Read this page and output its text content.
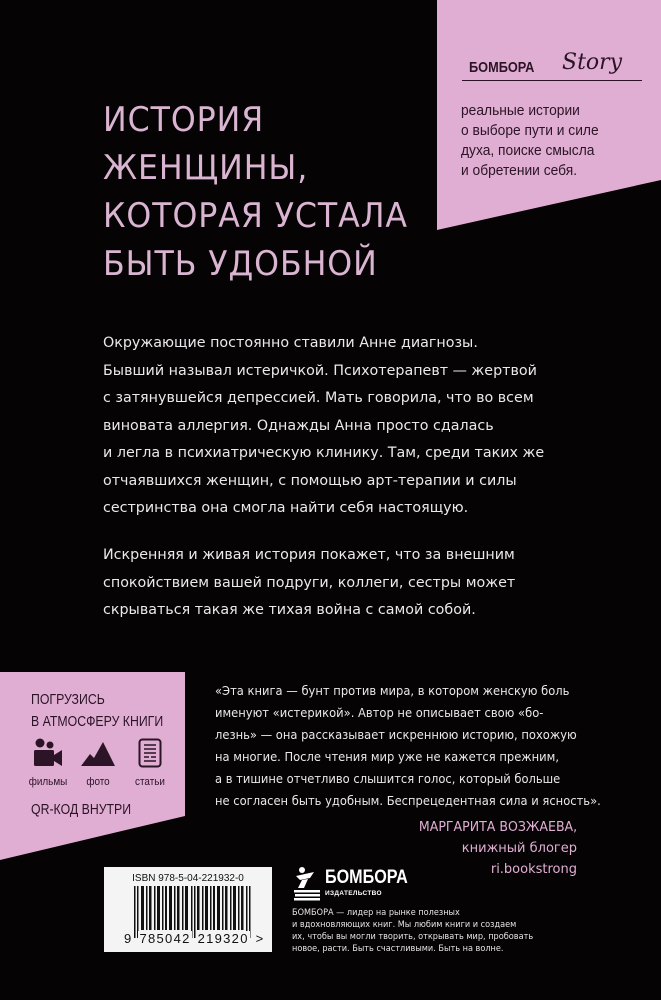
БОМБОРА Story
реальные истории
о выборе пути и силе
духа, поиске смысла
и обретении себя.
ИСТОРИЯ
ЖЕНЩИНЫ,
КОТОРАЯ УСТАЛА
БЫТЬ УДОБНОЙ
Окружающие постоянно ставили Анне диагнозы.
Бывший называл истеричкой. Психотерапевт — жертвой
с затянувшейся депрессией. Мать говорила, что во всем
виновата аллергия. Однажды Анна просто сдалась
и легла в психиатрическую клинику. Там, среди таких же
отчаявшихся женщин, с помощью арт-терапии и силы
сестринства она смогла найти себя настоящую.
Искренняя и живая история покажет, что за внешним
спокойствием вашей подруги, коллеги, сестры может
скрываться такая же тихая война с самой собой.
ПОГРУЗИСЬ
В АТМОСФЕРУ КНИГИ
фильмы	фото	статьи
QR-КОД ВНУТРИ
«Эта книга — бунт против мира, в котором женскую боль
именуют «истерикой». Автор не описывает свою «бо-
лезнь» — она рассказывает искреннюю историю, похожую
на многие. После чтения мир уже не кажется прежним,
а в тишине отчетливо слышится голос, который больше
не согласен быть удобным. Беспрецедентная сила и ясность».
МАРГАРИТА ВОЗЖАЕВА,
книжный блогер
ri.bookstrong
ISBN 978-5-04-221932-0
9 785042 219320 >
БОМБОРА
ИЗДАТЕЛЬСТВО
БОМБОРА — лидер на рынке полезных
и вдохновляющих книг. Мы любим книги и создаем
их, чтобы вы могли творить, открывать мир, пробовать
новое, расти. Быть счастливыми. Быть на волне.
